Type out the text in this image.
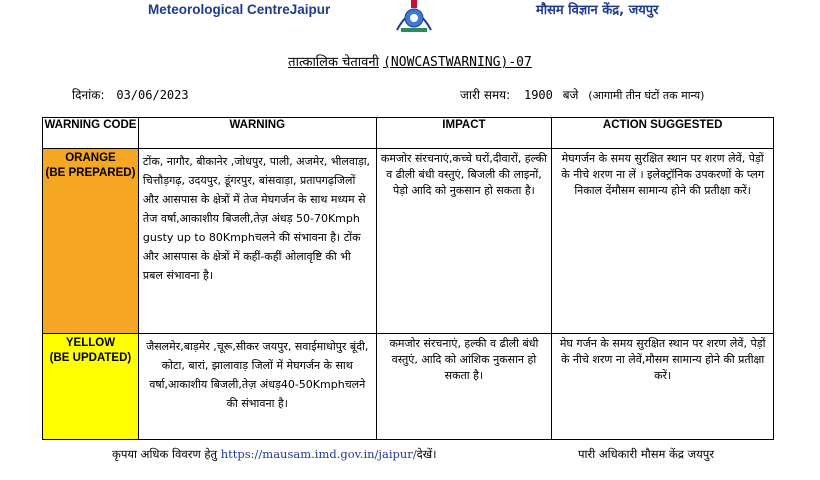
Meteorological CentreJaipur	मौसम विज्ञान केंद्र, जयपुर
तात्कालिक चेतावनी (NOWCASTWARNING)-07
दिनांक: 03/06/2023	जारी समय: 1900 बजे (आगामी तीन घंटों तक मान्य)
WARNING CODE	WARNING	IMPACT	ACTION SUGGESTED

ORANGE
(BE PREPARED)	टोंक, नागौर, बीकानेर ,जोधपुर, पाली, अजमेर, भीलवाड़ा, चित्तौड़गढ़, उदयपुर, डूंगरपुर, बांसवाड़ा, प्रतापगढ़जिलों और आसपास के क्षेत्रों में तेज मेघगर्जन के साथ मध्यम से तेज वर्षा,आकाशीय बिजली,तेज़ अंधड़ 50-70Kmph gusty up to 80Kmphचलने की संभावना है। टोंक और आसपास के क्षेत्रों में कहीं-कहीं ओलावृष्टि की भी प्रबल संभावना है।	कमजोर संरचनाएं,कच्चे घरों,दीवारों, हल्की व ढीली बंधी वस्तुएं, बिजली की लाइनों, पेड़ो आदि को नुकसान हो सकता है।	मेघगर्जन के समय सुरक्षित स्थान पर शरण लेवें, पेड़ों के नीचे शरण ना लें । इलेक्ट्रॉनिक उपकरणों के प्लग निकाल देंमौसम सामान्य होने की प्रतीक्षा करें।

YELLOW
(BE UPDATED)	जैसलमेर,बाड़मेर ,चूरू,सीकर जयपुर, सवाईमाधोपुर बूंदी, कोटा, बारां, झालावाड़ जिलों में मेघगर्जन के साथ वर्षा,आकाशीय बिजली,तेज़ अंधड़40-50Kmphचलने की संभावना है।	कमजोर संरचनाएं, हल्की व ढीली बंधी वस्तुएं, आदि को आंशिक नुकसान हो सकता है।	मेघ गर्जन के समय सुरक्षित स्थान पर शरण लेवें, पेड़ों के नीचे शरण ना लेवें,मौसम सामान्य होने की प्रतीक्षा करें।
कृपया अधिक विवरण हेतु https://mausam.imd.gov.in/jaipur/देखें।	पारी अधिकारी मौसम केंद्र जयपुर
